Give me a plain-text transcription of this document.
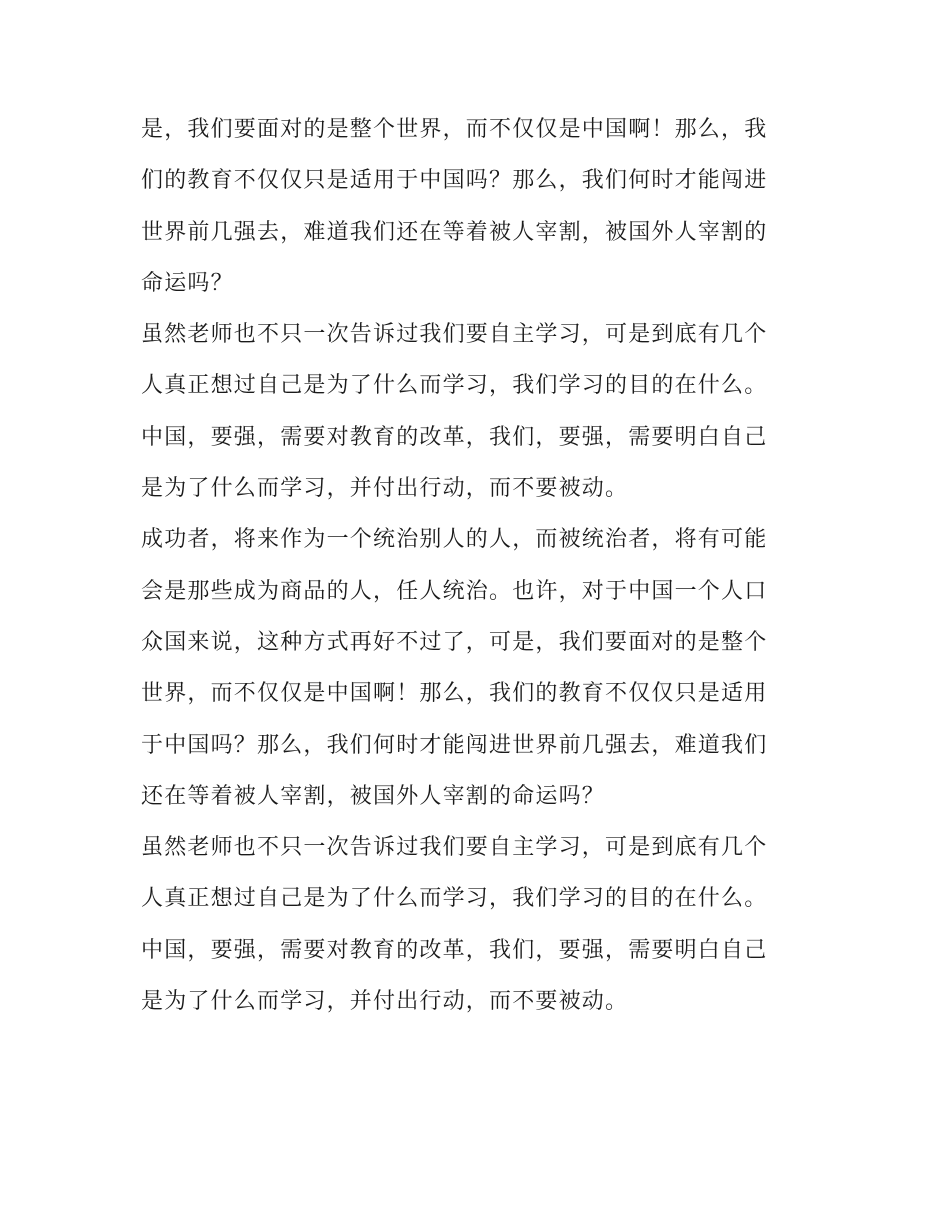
是，我们要面对的是整个世界，而不仅仅是中国啊！那么，我
们的教育不仅仅只是适用于中国吗？那么，我们何时才能闯进
世界前几强去，难道我们还在等着被人宰割，被国外人宰割的
命运吗？
虽然老师也不只一次告诉过我们要自主学习，可是到底有几个
人真正想过自己是为了什么而学习，我们学习的目的在什么。
中国，要强，需要对教育的改革，我们，要强，需要明白自己
是为了什么而学习，并付出行动，而不要被动。
成功者，将来作为一个统治别人的人，而被统治者，将有可能
会是那些成为商品的人，任人统治。也许，对于中国一个人口
众国来说，这种方式再好不过了，可是，我们要面对的是整个
世界，而不仅仅是中国啊！那么，我们的教育不仅仅只是适用
于中国吗？那么，我们何时才能闯进世界前几强去，难道我们
还在等着被人宰割，被国外人宰割的命运吗？
虽然老师也不只一次告诉过我们要自主学习，可是到底有几个
人真正想过自己是为了什么而学习，我们学习的目的在什么。
中国，要强，需要对教育的改革，我们，要强，需要明白自己
是为了什么而学习，并付出行动，而不要被动。
